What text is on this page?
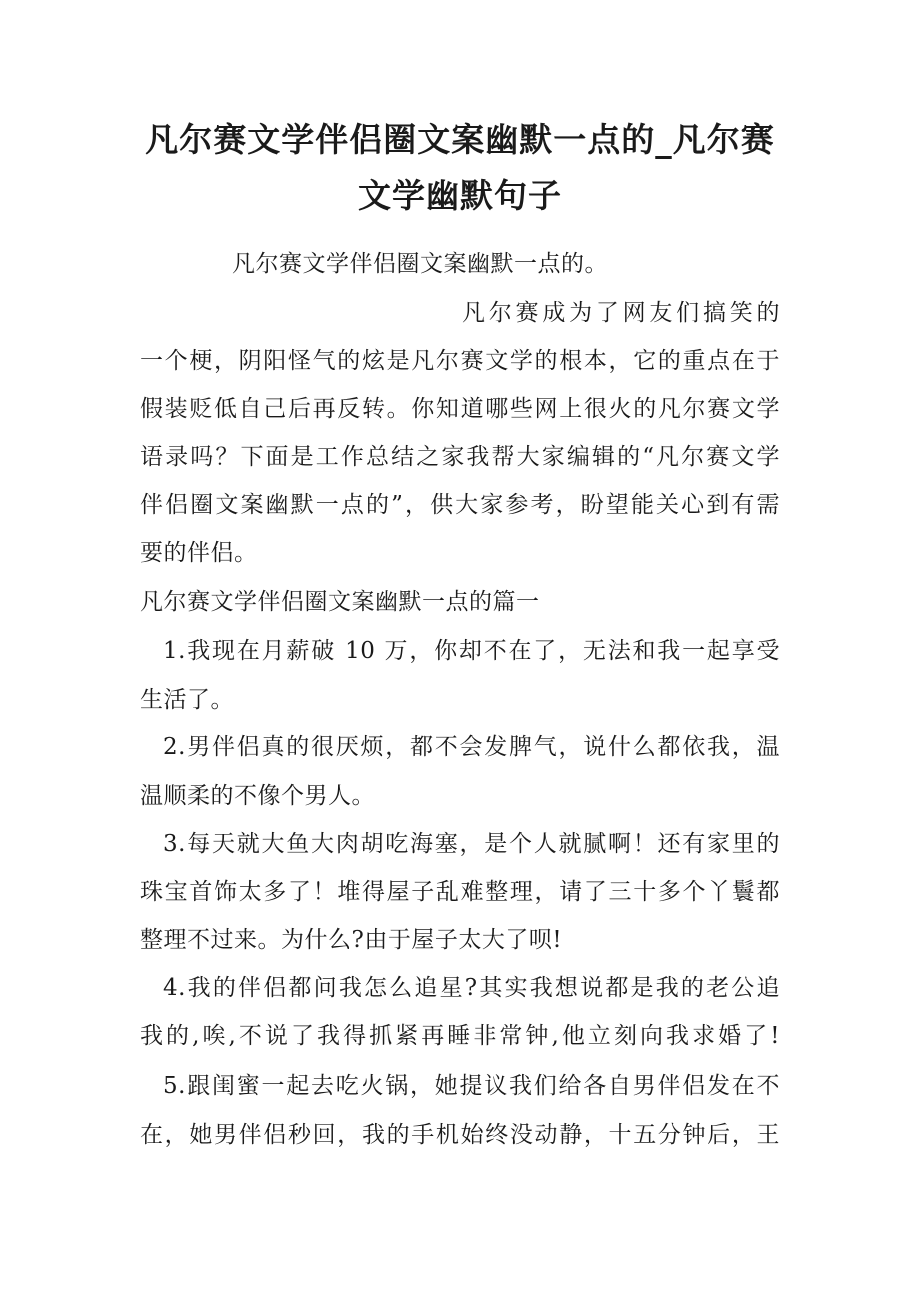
凡尔赛文学伴侣圈文案幽默一点的_凡尔赛
文学幽默句子
凡尔赛文学伴侣圈文案幽默一点的。
凡尔赛成为了网友们搞笑的
一个梗，阴阳怪气的炫是凡尔赛文学的根本，它的重点在于
假装贬低自己后再反转。你知道哪些网上很火的凡尔赛文学
语录吗？下面是工作总结之家我帮大家编辑的“凡尔赛文学
伴侣圈文案幽默一点的”，供大家参考，盼望能关心到有需
要的伴侣。
凡尔赛文学伴侣圈文案幽默一点的篇一
1.我现在月薪破 10 万，你却不在了，无法和我一起享受
生活了。
2.男伴侣真的很厌烦，都不会发脾气，说什么都依我，温
温顺柔的不像个男人。
3.每天就大鱼大肉胡吃海塞，是个人就腻啊！还有家里的
珠宝首饰太多了！堆得屋子乱难整理，请了三十多个丫鬟都
整理不过来。为什么?由于屋子太大了呗!
4.我的伴侣都问我怎么追星?其实我想说都是我的老公追
我的,唉,不说了我得抓紧再睡非常钟,他立刻向我求婚了!
5.跟闺蜜一起去吃火锅，她提议我们给各自男伴侣发在不
在，她男伴侣秒回，我的手机始终没动静，十五分钟后，王
